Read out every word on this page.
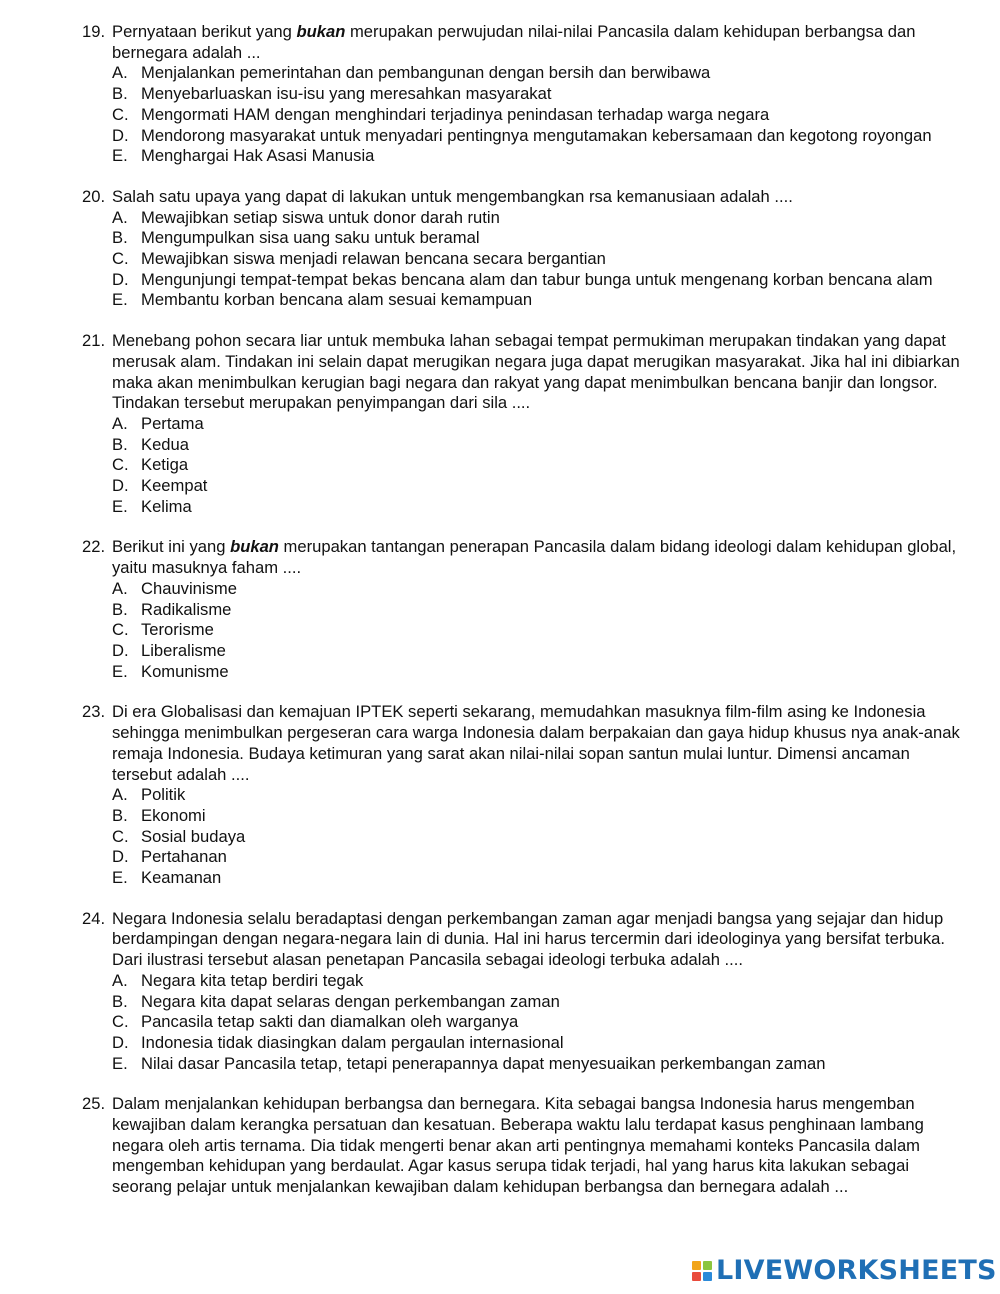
19. Pernyataan berikut yang bukan merupakan perwujudan nilai-nilai Pancasila dalam kehidupan berbangsa dan bernegara adalah ...
A. Menjalankan pemerintahan dan pembangunan dengan bersih dan berwibawa
B. Menyebarluaskan isu-isu yang meresahkan masyarakat
C. Mengormati HAM dengan menghindari terjadinya penindasan terhadap warga negara
D. Mendorong masyarakat untuk menyadari pentingnya mengutamakan kebersamaan dan kegotong royongan
E. Menghargai Hak Asasi Manusia
20. Salah satu upaya yang dapat di lakukan untuk mengembangkan rsa kemanusiaan adalah ....
A. Mewajibkan setiap siswa untuk donor darah rutin
B. Mengumpulkan sisa uang saku untuk beramal
C. Mewajibkan siswa menjadi relawan bencana secara bergantian
D. Mengunjungi tempat-tempat bekas bencana alam dan tabur bunga untuk mengenang korban bencana alam
E. Membantu korban bencana alam sesuai kemampuan
21. Menebang pohon secara liar untuk membuka lahan sebagai tempat permukiman merupakan tindakan yang dapat merusak alam. Tindakan ini selain dapat merugikan negara juga dapat merugikan masyarakat. Jika hal ini dibiarkan maka akan menimbulkan kerugian bagi negara dan rakyat yang dapat menimbulkan bencana banjir dan longsor. Tindakan tersebut merupakan penyimpangan dari sila ....
A. Pertama
B. Kedua
C. Ketiga
D. Keempat
E. Kelima
22. Berikut ini yang bukan merupakan tantangan penerapan Pancasila dalam bidang ideologi dalam kehidupan global, yaitu masuknya faham ....
A. Chauvinisme
B. Radikalisme
C. Terorisme
D. Liberalisme
E. Komunisme
23. Di era Globalisasi dan kemajuan IPTEK seperti sekarang, memudahkan masuknya film-film asing ke Indonesia sehingga menimbulkan pergeseran cara warga Indonesia dalam berpakaian dan gaya hidup khusus nya anak-anak remaja Indonesia. Budaya ketimuran yang sarat akan nilai-nilai sopan santun mulai luntur. Dimensi ancaman tersebut adalah ....
A. Politik
B. Ekonomi
C. Sosial budaya
D. Pertahanan
E. Keamanan
24. Negara Indonesia selalu beradaptasi dengan perkembangan zaman agar menjadi bangsa yang sejajar dan hidup berdampingan dengan negara-negara lain di dunia. Hal ini harus tercermin dari ideologinya yang bersifat terbuka. Dari ilustrasi tersebut alasan penetapan Pancasila sebagai ideologi terbuka adalah ....
A. Negara kita tetap berdiri tegak
B. Negara kita dapat selaras dengan perkembangan zaman
C. Pancasila tetap sakti dan diamalkan oleh warganya
D. Indonesia tidak diasingkan dalam pergaulan internasional
E. Nilai dasar Pancasila tetap, tetapi penerapannya dapat menyesuaikan perkembangan zaman
25. Dalam menjalankan kehidupan berbangsa dan bernegara. Kita sebagai bangsa Indonesia harus mengemban kewajiban dalam kerangka persatuan dan kesatuan. Beberapa waktu lalu terdapat kasus penghinaan lambang negara oleh artis ternama. Dia tidak mengerti benar akan arti pentingnya memahami konteks Pancasila dalam mengemban kehidupan yang berdaulat. Agar kasus serupa tidak terjadi, hal yang harus kita lakukan sebagai seorang pelajar untuk menjalankan kewajiban dalam kehidupan berbangsa dan bernegara adalah ...
LIVEWORKSHEETS
